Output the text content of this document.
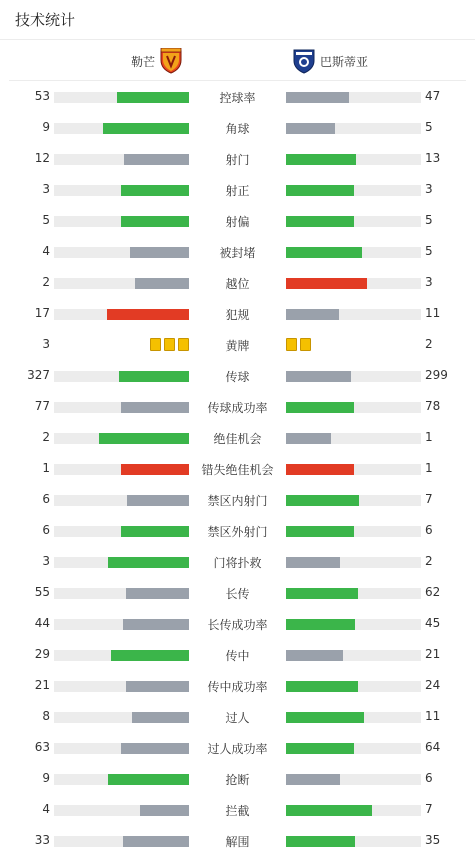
技术统计
勒芒	巴斯蒂亚
53	控球率	47
9	角球	5
12	射门	13
3	射正	3
5	射偏	5
4	被封堵	5
2	越位	3
17	犯规	11
3	黄牌	2
327	传球	299
77	传球成功率	78
2	绝佳机会	1
1	错失绝佳机会	1
6	禁区内射门	7
6	禁区外射门	6
3	门将扑救	2
55	长传	62
44	长传成功率	45
29	传中	21
21	传中成功率	24
8	过人	11
63	过人成功率	64
9	抢断	6
4	拦截	7
33	解围	35
